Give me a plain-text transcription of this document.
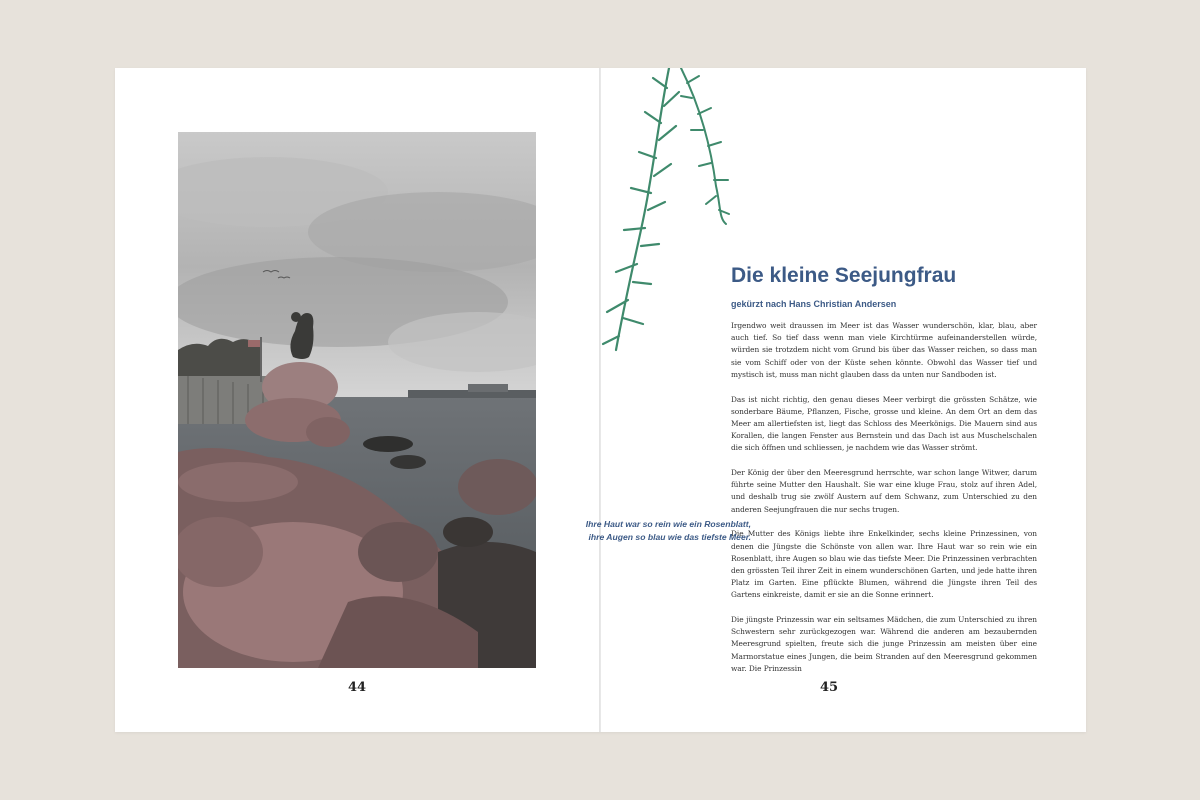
44
Die kleine Seejungfrau
gekürzt nach Hans Christian Andersen

Irgendwo weit draussen im Meer ist das Wasser wunderschön, klar, blau, aber auch tief. So tief dass wenn man viele Kirchtürme aufeinanderstellen würde, würden sie trotzdem nicht vom Grund bis über das Wasser reichen, so dass man sie vom Schiff oder von der Küste sehen könnte. Obwohl das Wasser tief und mystisch ist, muss man nicht glauben dass da unten nur Sandboden ist.

Das ist nicht richtig, den genau dieses Meer verbirgt die grössten Schätze, wie sonderbare Bäume, Pflanzen, Fische, grosse und kleine. An dem Ort an dem das Meer am allertiefsten ist, liegt das Schloss des Meerkönigs. Die Mauern sind aus Korallen, die langen Fenster aus Bernstein und das Dach ist aus Muschelschalen die sich öffnen und schliessen, je nachdem wie das Wasser strömt.

Der König der über den Meeresgrund herrschte, war schon lange Witwer, darum führte seine Mutter den Haushalt. Sie war eine kluge Frau, stolz auf ihren Adel, und deshalb trug sie zwölf Austern auf dem Schwanz, zum Unterschied zu den anderen Seejungfrauen die nur sechs trugen.

Die Mutter des Königs liebte ihre Enkelkinder, sechs kleine Prinzessinen, von denen die Jüngste die Schönste von allen war. Ihre Haut war so rein wie ein Rosenblatt, ihre Augen so blau wie das tiefste Meer. Die Prinzessinen verbrachten den grössten Teil ihrer Zeit in einem wunderschönen Garten, und jede hatte ihren Platz im Garten. Eine pflückte Blumen, während die Jüngste ihren Teil des Gartens einkreiste, damit er sie an die Sonne erinnert.

Die jüngste Prinzessin war ein seltsames Mädchen, die zum Unterschied zu ihren Schwestern sehr zurückgezogen war. Während die anderen am bezaubernden Meeresgrund spielten, freute sich die junge Prinzessin am meisten über eine Marmorstatue eines Jungen, die beim Stranden auf den Meeresgrund gekommen war. Die Prinzessin

Ihre Haut war so rein wie ein Rosenblatt, ihre Augen so blau wie das tiefste Meer.
45
